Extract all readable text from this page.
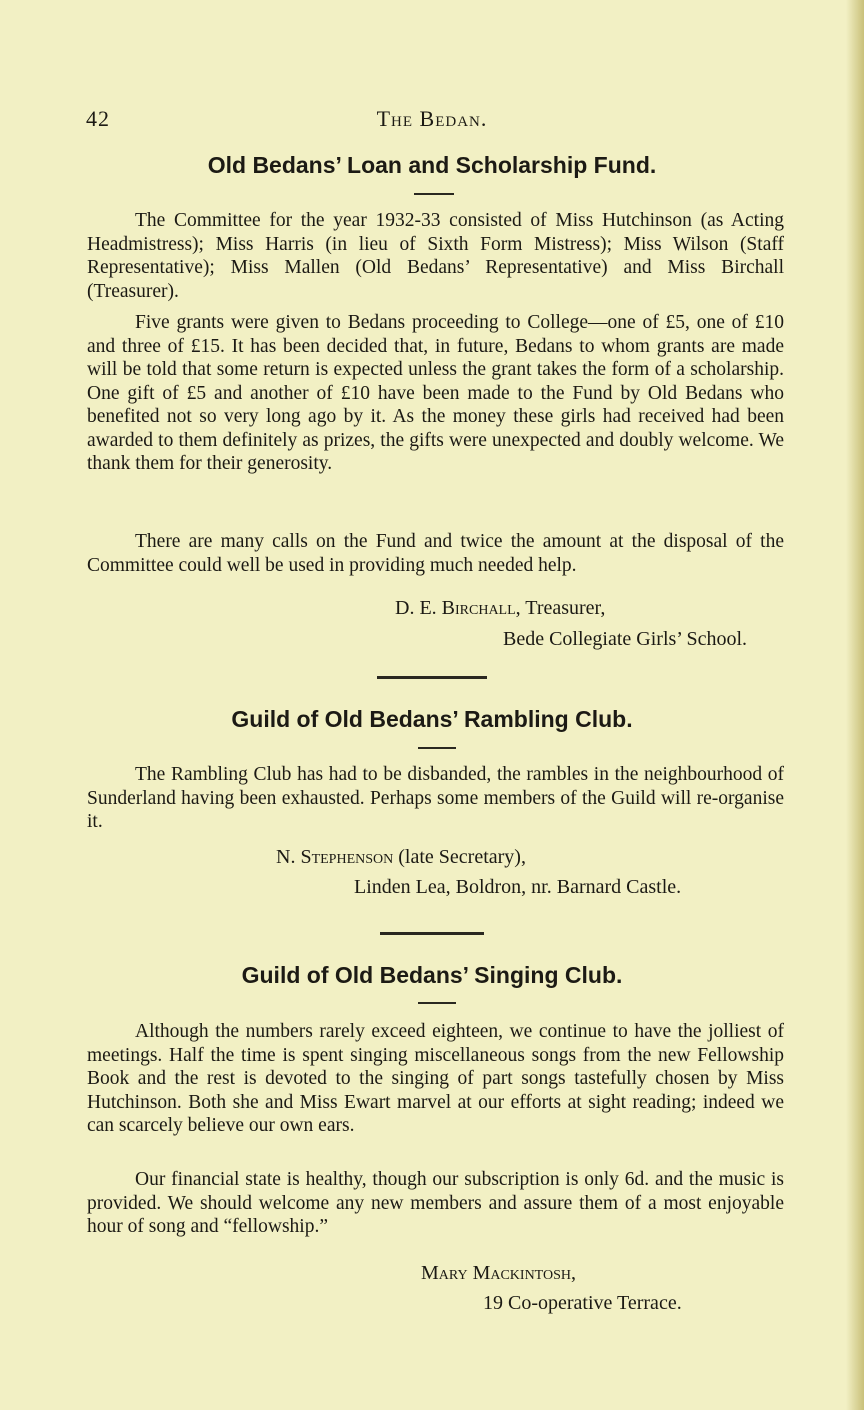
42	The Bedan.
Old Bedans’ Loan and Scholarship Fund.

The Committee for the year 1932-33 consisted of Miss Hutchinson (as Acting Headmistress); Miss Harris (in lieu of Sixth Form Mistress); Miss Wilson (Staff Representative); Miss Mallen (Old Bedans’ Representative) and Miss Birchall (Treasurer).

Five grants were given to Bedans proceeding to College—one of £5, one of £10 and three of £15. It has been decided that, in future, Bedans to whom grants are made will be told that some return is expected unless the grant takes the form of a scholarship. One gift of £5 and another of £10 have been made to the Fund by Old Bedans who benefited not so very long ago by it. As the money these girls had received had been awarded to them definitely as prizes, the gifts were unexpected and doubly welcome. We thank them for their generosity.

There are many calls on the Fund and twice the amount at the disposal of the Committee could well be used in providing much needed help.

D. E. Birchall, Treasurer,
Bede Collegiate Girls’ School.
Guild of Old Bedans’ Rambling Club.

The Rambling Club has had to be disbanded, the rambles in the neighbourhood of Sunderland having been exhausted. Perhaps some members of the Guild will re-organise it.

N. Stephenson (late Secretary),
Linden Lea, Boldron, nr. Barnard Castle.
Guild of Old Bedans’ Singing Club.

Although the numbers rarely exceed eighteen, we continue to have the jolliest of meetings. Half the time is spent singing miscellaneous songs from the new Fellowship Book and the rest is devoted to the singing of part songs tastefully chosen by Miss Hutchinson. Both she and Miss Ewart marvel at our efforts at sight reading; indeed we can scarcely believe our own ears.

Our financial state is healthy, though our subscription is only 6d. and the music is provided. We should welcome any new members and assure them of a most enjoyable hour of song and “fellowship.”

Mary Mackintosh,
19 Co-operative Terrace.
